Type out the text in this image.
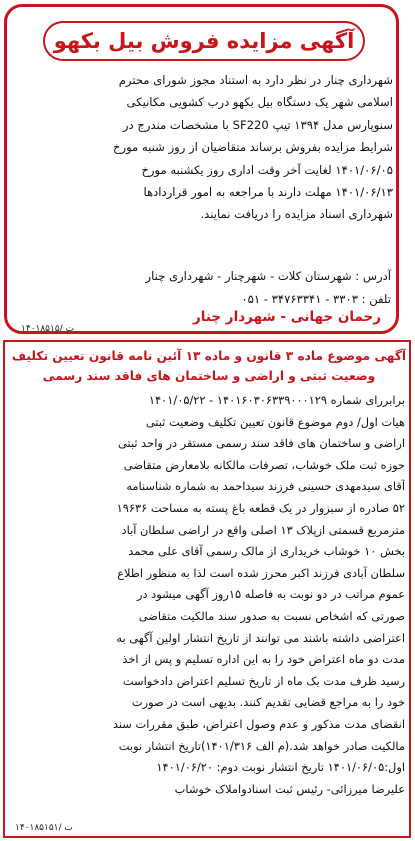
آگهی مزایده فروش بیل بکهو
شهرداری چنار در نظر دارد به استناد مجوز شورای محترم
اسلامی شهر یک دستگاه بیل بکهو درب کشویی مکانیکی
سنوپارس مدل ۱۳۹۴ تیپ SF220 با مشخصات مندرج در
شرایط مزایده بفروش برساند متقاضیان از روز شنبه مورخ
۱۴۰۱/۰۶/۰۵ لغایت آخر وقت اداری روز یکشنبه مورخ
۱۴۰۱/۰۶/۱۳ مهلت دارند با مراجعه به امور قراردادها
شهرداری اسناد مزایده را دریافت نمایند.
آدرس : شهرستان کلات - شهرچنار - شهرداری چنار
تلفن : ۳۳۰۳ - ۳۴۷۶۳۳۴۱ - ۰۵۱
رحمان جهانی - شهردار چنار
۱۴۰۱۸۵۱۵/ ت
آگهی موضوع ماده ۳ قانون و ماده ۱۳ آئین نامه قانون تعیین تکلیف
وضعیت ثبتی و اراضی و ساختمان های فاقد سند رسمی
برابررای شماره ۱۴۰۱۶۰۳۰۶۳۳۹۰۰۰۱۲۹ - ۱۴۰۱/۰۵/۲۲
هیات اول/ دوم موضوع قانون تعیین تکلیف وضعیت ثبتی
اراضی و ساختمان های فاقد سند رسمی مستقر در واحد ثبتی
حوزه ثبت ملک خوشاب، تصرفات مالکانه بلامعارض متقاضی
آقای سیدمهدی حسینی فرزند سیداحمد به شماره شناسنامه
۵۲ صادره از سبزوار در یک قطعه باغ پسته به مساحت ۱۹۶۳۶
مترمربع قسمتی ازپلاک ۱۳ اصلی واقع در اراضی سلطان آباد
بخش ۱۰ خوشاب خریداری از مالک رسمی آقای علی محمد
سلطان آبادی فرزند اکبر محرز شده است لذا به منظور اطلاع
عموم مراتب در دو نوبت به فاصله ۱۵روز آگهی میشود در
صورتی که اشخاص نسبت به صدور سند مالکیت متقاضی
اعتراضی داشته باشند می توانند از تاریخ انتشار اولین آگهی به
مدت دو ماه اعتراض خود را به این اداره تسلیم و پس از اخذ
رسید ظرف مدت یک ماه از تاریخ تسلیم اعتراض دادخواست
خود را به مراجع قضایی تقدیم کنند. بدیهی است در صورت
انقضای مدت مذکور و عدم وصول اعتراض، طبق مقررات سند
مالکیت صادر خواهد شد.(م الف ۱۴۰۱/۳۱۶)تاریخ انتشار نوبت
اول:۱۴۰۱/۰۶/۰۵ تاریخ انتشار نوبت دوم: ۱۴۰۱/۰۶/۲۰
علیرضا میرزائی- رئیس ثبت اسنادواملاک خوشاب
۱۴۰۱۸۵۱۵۱/ ت
